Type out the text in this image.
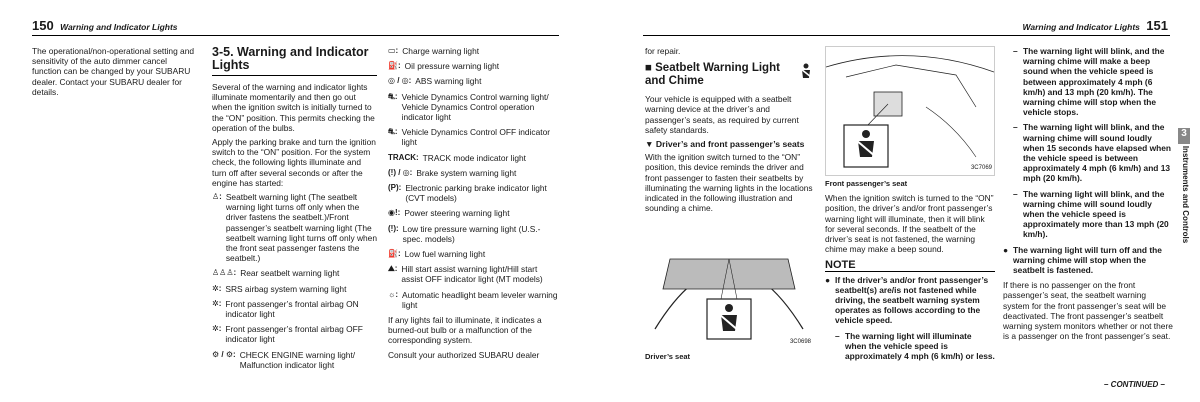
150 Warning and Indicator Lights

The operational/non-operational setting and sensitivity of the auto dimmer cancel function can be changed by your SUBARU dealer. Contact your SUBARU dealer for details.

3-5. Warning and Indicator Lights

Several of the warning and indicator lights illuminate momentarily and then go out when the ignition switch is initially turned to the “ON” position. This permits checking the operation of the bulbs.

Apply the parking brake and turn the ignition switch to the “ON” position. For the system check, the following lights illuminate and turn off after several seconds or after the engine has started:

♙: Seatbelt warning light (The seatbelt warning light turns off only when the driver fastens the seatbelt.)/Front passenger’s seatbelt warning light (The seatbelt warning light turns off only when the front seat passenger fastens the seatbelt.)
♙♙♙: Rear seatbelt warning light
✲: SRS airbag system warning light
✲: Front passenger’s frontal airbag ON indicator light
✲: Front passenger’s frontal airbag OFF indicator light
⚙ / ⚙: CHECK ENGINE warning light/ Malfunction indicator light
▭: Charge warning light
⛽: Oil pressure warning light
◎ / ◎: ABS warning light
⛐: Vehicle Dynamics Control warning light/ Vehicle Dynamics Control operation indicator light
⛐: Vehicle Dynamics Control OFF indicator light
TRACK: TRACK mode indicator light
(!) / ◎: Brake system warning light
(P): Electronic parking brake indicator light (CVT models)
◉!: Power steering warning light
(!): Low tire pressure warning light (U.S.-spec. models)
⛽: Low fuel warning light
⛰: Hill start assist warning light/Hill start assist OFF indicator light (MT models)
☼: Automatic headlight beam leveler warning light

If any lights fail to illuminate, it indicates a burned-out bulb or a malfunction of the corresponding system.

Consult your authorized SUBARU dealer

Warning and Indicator Lights 151

for repair.

■ Seatbelt Warning Light and Chime

Your vehicle is equipped with a seatbelt warning device at the driver’s and passenger’s seats, as required by current safety standards.

▼ Driver’s and front passenger’s seats

With the ignition switch turned to the “ON” position, this device reminds the driver and front passenger to fasten their seatbelts by illuminating the warning lights in the locations indicated in the following illustration and sounding a chime.

3C0698
Driver’s seat
3C7069
Front passenger’s seat

When the ignition switch is turned to the “ON” position, the driver’s and/or front passenger’s warning light will illuminate, then it will blink for several seconds. If the seatbelt of the driver’s seat is not fastened, the warning chime may make a beep sound.

NOTE
● If the driver’s and/or front passenger’s seatbelt(s) are/is not fastened while driving, the seatbelt warning system operates as follows according to the vehicle speed.
– The warning light will illuminate when the vehicle speed is approximately 4 mph (6 km/h) or less.
– The warning light will blink, and the warning chime will make a beep sound when the vehicle speed is between approximately 4 mph (6 km/h) and 13 mph (20 km/h). The warning chime will stop when the vehicle stops.
– The warning light will blink, and the warning chime will sound loudly when 15 seconds have elapsed when the vehicle speed is between approximately 4 mph (6 km/h) and 13 mph (20 km/h).
– The warning light will blink, and the warning chime will sound loudly when the vehicle speed is approximately more than 13 mph (20 km/h).
● The warning light will turn off and the warning chime will stop when the seatbelt is fastened.

If there is no passenger on the front passenger’s seat, the seatbelt warning system for the front passenger’s seat will be deactivated. The front passenger’s seatbelt warning system monitors whether or not there is a passenger on the front passenger’s seat.

3
Instruments and Controls
– CONTINUED –
